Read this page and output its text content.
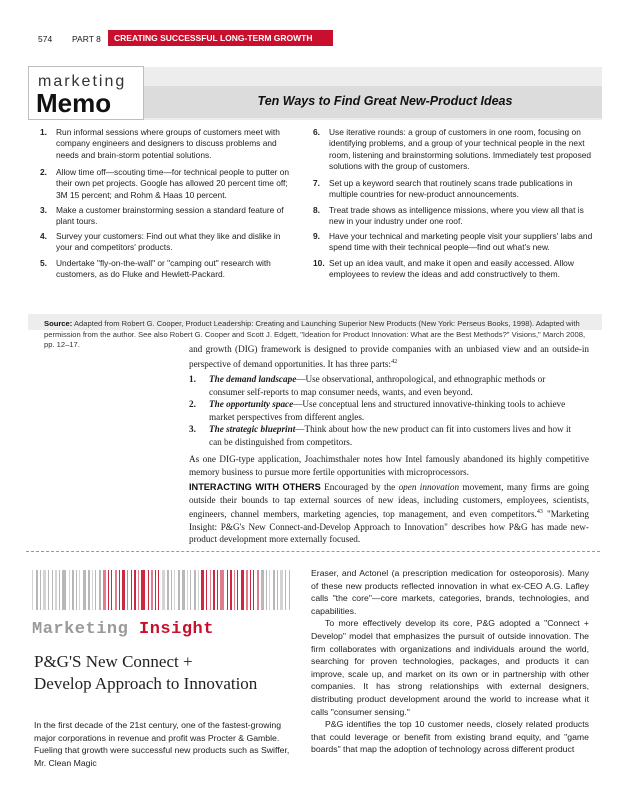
574 PART 8	CREATING SUCCESSFUL LONG-TERM GROWTH
marketing
Memo	Ten Ways to Find Great New-Product Ideas
1. Run informal sessions where groups of customers meet with company engineers and designers to discuss problems and needs and brain-storm potential solutions.
2. Allow time off—scouting time—for technical people to putter on their own pet projects. Google has allowed 20 percent time off; 3M 15 percent; and Rohm & Haas 10 percent.
3. Make a customer brainstorming session a standard feature of plant tours.
4. Survey your customers: Find out what they like and dislike in your and competitors' products.
5. Undertake "fly-on-the-wall" or "camping out" research with customers, as do Fluke and Hewlett-Packard.
6. Use iterative rounds: a group of customers in one room, focusing on identifying problems, and a group of your technical people in the next room, listening and brainstorming solutions. Immediately test proposed solutions with the group of customers.
7. Set up a keyword search that routinely scans trade publications in multiple countries for new-product announcements.
8. Treat trade shows as intelligence missions, where you view all that is new in your industry under one roof.
9. Have your technical and marketing people visit your suppliers' labs and spend time with their technical people—find out what's new.
10. Set up an idea vault, and make it open and easily accessed. Allow employees to review the ideas and add constructively to them.
Source: Adapted from Robert G. Cooper, Product Leadership: Creating and Launching Superior New Products (New York: Perseus Books, 1998). Adapted with permission from the author. See also Robert G. Cooper and Scott J. Edgett, "Ideation for Product Innovation: What are the Best Methods?" Visions," March 2008, pp. 12–17.	and growth (DIG) framework is designed to provide companies with an unbiased view and an outside-in perspective of demand opportunities. It has three parts:$^{42}$
1. The demand landscape—Use observational, anthropological, and ethnographic methods or consumer self-reports to map consumer needs, wants, and even beyond.
2. The opportunity space—Use conceptual lens and structured innovative-thinking tools to achieve market perspectives from different angles.
3. The strategic blueprint—Think about how the new product can fit into customers lives and how it can be distinguished from competitors.
As one DIG-type application, Joachimsthaler notes how Intel famously abandoned its highly competitive memory business to pursue more fertile opportunities with microprocessors.
INTERACTING WITH OTHERS Encouraged by the open innovation movement, many firms are going outside their bounds to tap external sources of new ideas, including customers, employees, scientists, engineers, channel members, marketing agencies, top management, and even competitors.$^{43}$ "Marketing Insight: P&G's New Connect-and-Develop Approach to Innovation" describes how P&G has made new-product development more externally focused.
Marketing Insight
P&G'S New Connect +
Develop Approach to Innovation
In the first decade of the 21st century, one of the fastest-growing major corporations in revenue and profit was Procter & Gamble. Fueling that growth were successful new products such as Swiffer, Mr. Clean Magic

Eraser, and Actonel (a prescription medication for osteoporosis). Many of these new products reflected innovation in what ex-CEO A.G. Lafley calls "the core"—core markets, categories, brands, technologies, and capabilities.

To more effectively develop its core, P&G adopted a "Connect + Develop" model that emphasizes the pursuit of outside innovation. The firm collaborates with organizations and individuals around the world, searching for proven technologies, packages, and products it can improve, scale up, and market on its own or in partnership with other companies. It has strong relationships with external designers, distributing product development around the world to increase what it calls "consumer sensing."

P&G identifies the top 10 customer needs, closely related products that could leverage or benefit from existing brand equity, and "game boards" that map the adoption of technology across different product
